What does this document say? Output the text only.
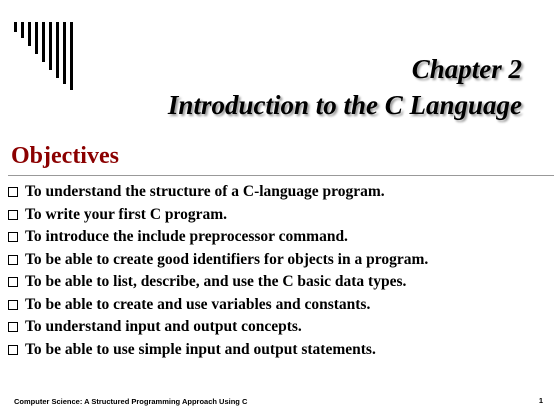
Chapter 2
Introduction to the C Language
Objectives
To understand the structure of a C-language program.
To write your first C program.
To introduce the include preprocessor command.
To be able to create good identifiers for objects in a program.
To be able to list, describe, and use the C basic data types.
To be able to create and use variables and constants.
To understand input and output concepts.
To be able to use simple input and output statements.
Computer Science: A Structured Programming Approach Using C	1
